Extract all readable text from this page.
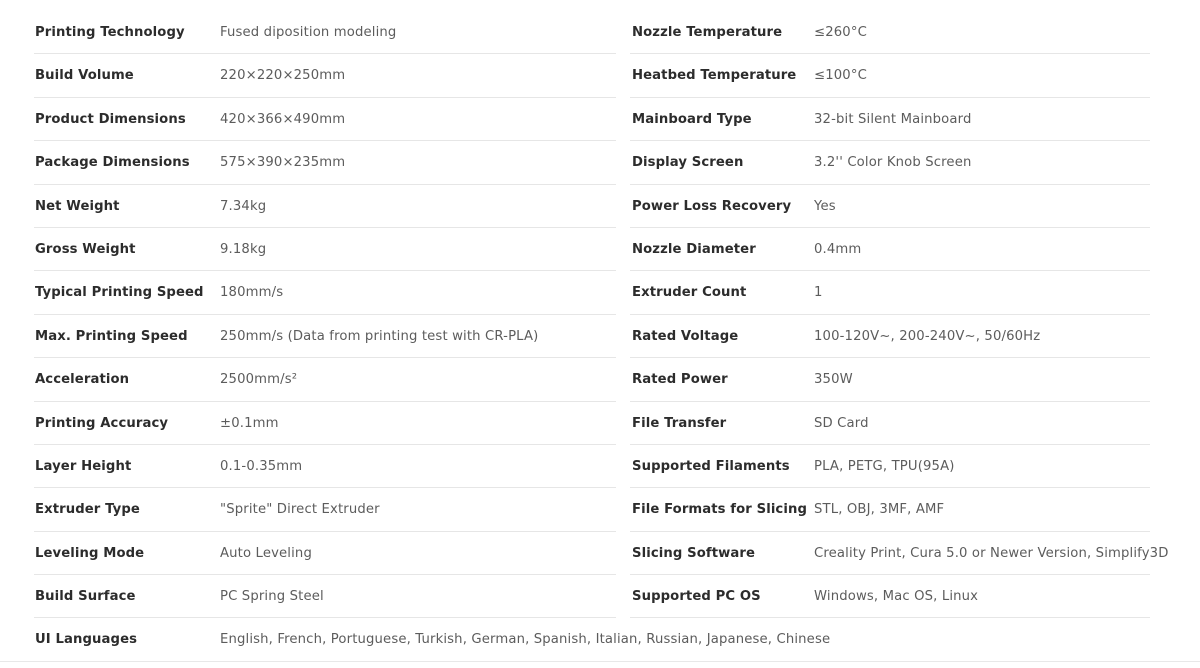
Printing Technology	Fused diposition modeling	Nozzle Temperature ≤260°C
Build Volume	220×220×250mm	Heatbed Temperature ≤100°C
Product Dimensions	420×366×490mm	Mainboard Type	32-bit Silent Mainboard
Package Dimensions 575×390×235mm	Display Screen	3.2'' Color Knob Screen
Net Weight	7.34kg	Power Loss Recovery Yes
Gross Weight	9.18kg	Nozzle Diameter	0.4mm
Typical Printing Speed 180mm/s	Extruder Count	1
Max. Printing Speed 250mm/s (Data from printing test with CR-PLA)	Rated Voltage	100-120V~, 200-240V~, 50/60Hz
Acceleration	2500mm/s²	Rated Power	350W
Printing Accuracy	±0.1mm	File Transfer	SD Card
Layer Height	0.1-0.35mm	Supported Filaments PLA, PETG, TPU(95A)
Extruder Type	"Sprite" Direct Extruder	File Formats for Slicing STL, OBJ, 3MF, AMF
Leveling Mode	Auto Leveling	Slicing Software	Creality Print, Cura 5.0 or Newer Version, Simplify3D
Build Surface	PC Spring Steel	Supported PC OS	Windows, Mac OS, Linux
UI Languages	English, French, Portuguese, Turkish, German, Spanish, Italian, Russian, Japanese, Chinese
